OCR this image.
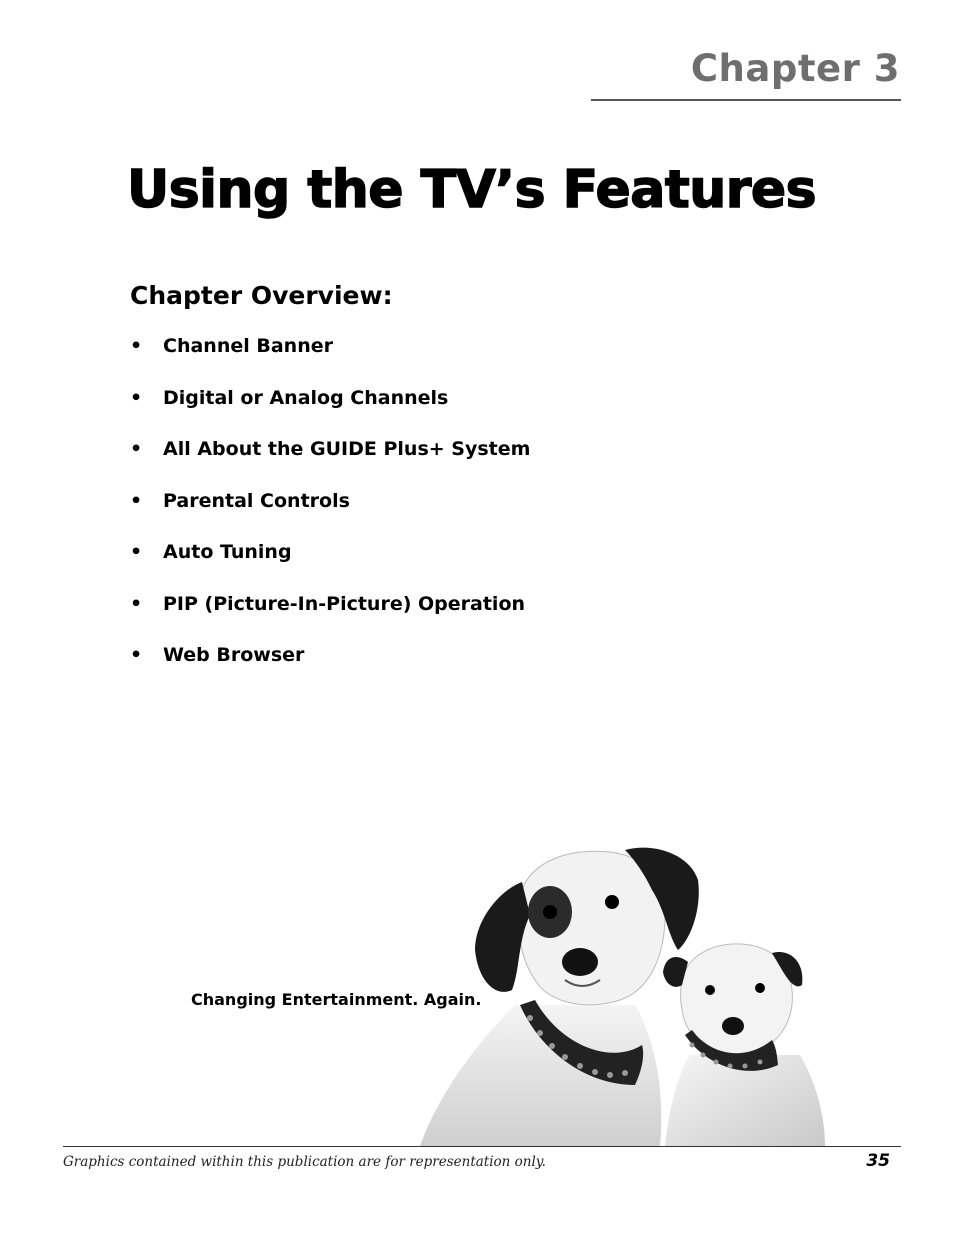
Chapter 3
Using the TV’s Features
Chapter Overview:
•	Channel Banner
•	Digital or Analog Channels
•	All About the GUIDE Plus+ System
•	Parental Controls
•	Auto Tuning
•	PIP (Picture-In-Picture) Operation
•	Web Browser
Changing Entertainment. Again.
Graphics contained within this publication are for representation only.	35
